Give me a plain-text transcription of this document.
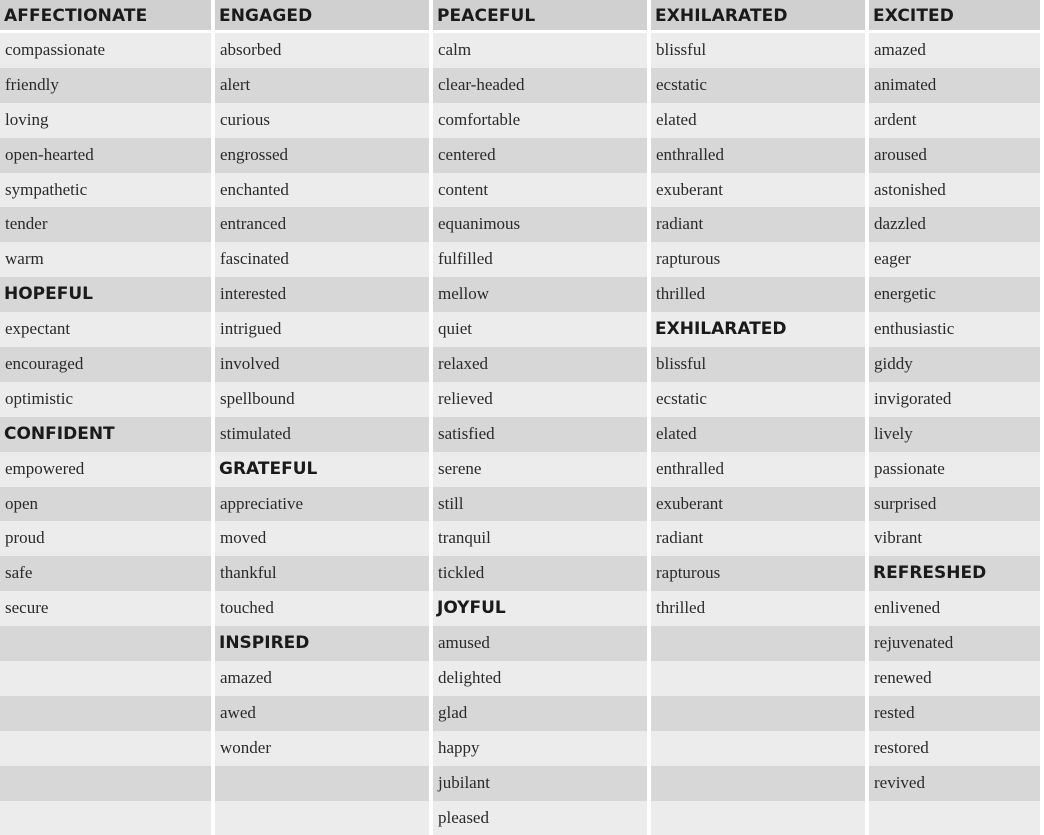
AFFECTIONATE
compassionate
friendly
loving
open-hearted
sympathetic
tender
warm
HOPEFUL
expectant
encouraged
optimistic
CONFIDENT
empowered
open
proud
safe
secure
ENGAGED
absorbed
alert
curious
engrossed
enchanted
entranced
fascinated
interested
intrigued
involved
spellbound
stimulated
GRATEFUL
appreciative
moved
thankful
touched
INSPIRED
amazed
awed
wonder
PEACEFUL
calm
clear-headed
comfortable
centered
content
equanimous
fulfilled
mellow
quiet
relaxed
relieved
satisfied
serene
still
tranquil
tickled
JOYFUL
amused
delighted
glad
happy
jubilant
pleased
EXHILARATED
blissful
ecstatic
elated
enthralled
exuberant
radiant
rapturous
thrilled
EXHILARATED
blissful
ecstatic
elated
enthralled
exuberant
radiant
rapturous
thrilled
EXCITED
amazed
animated
ardent
aroused
astonished
dazzled
eager
energetic
enthusiastic
giddy
invigorated
lively
passionate
surprised
vibrant
REFRESHED
enlivened
rejuvenated
renewed
rested
restored
revived
